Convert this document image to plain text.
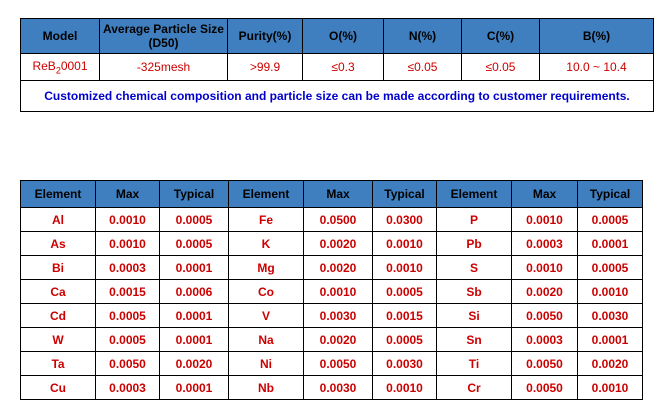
Model	Average Particle Size (D50)	Purity(%)	O(%)	N(%)	C(%)	B(%)
ReB$_2$0001	-325mesh	>99.9	≤0.3	≤0.05	≤0.05	10.0 ~ 10.4
Customized chemical composition and particle size can be made according to customer requirements.						
Element	Max	Typical	Element	Max	Typical	Element	Max	Typical
Al	0.0010	0.0005	Fe	0.0500	0.0300	P	0.0010	0.0005
As	0.0010	0.0005	K	0.0020	0.0010	Pb	0.0003	0.0001
Bi	0.0003	0.0001	Mg	0.0020	0.0010	S	0.0010	0.0005
Ca	0.0015	0.0006	Co	0.0010	0.0005	Sb	0.0020	0.0010
Cd	0.0005	0.0001	V	0.0030	0.0015	Si	0.0050	0.0030
W	0.0005	0.0001	Na	0.0020	0.0005	Sn	0.0003	0.0001
Ta	0.0050	0.0020	Ni	0.0050	0.0030	Ti	0.0050	0.0020
Cu	0.0003	0.0001	Nb	0.0030	0.0010	Cr	0.0050	0.0010
